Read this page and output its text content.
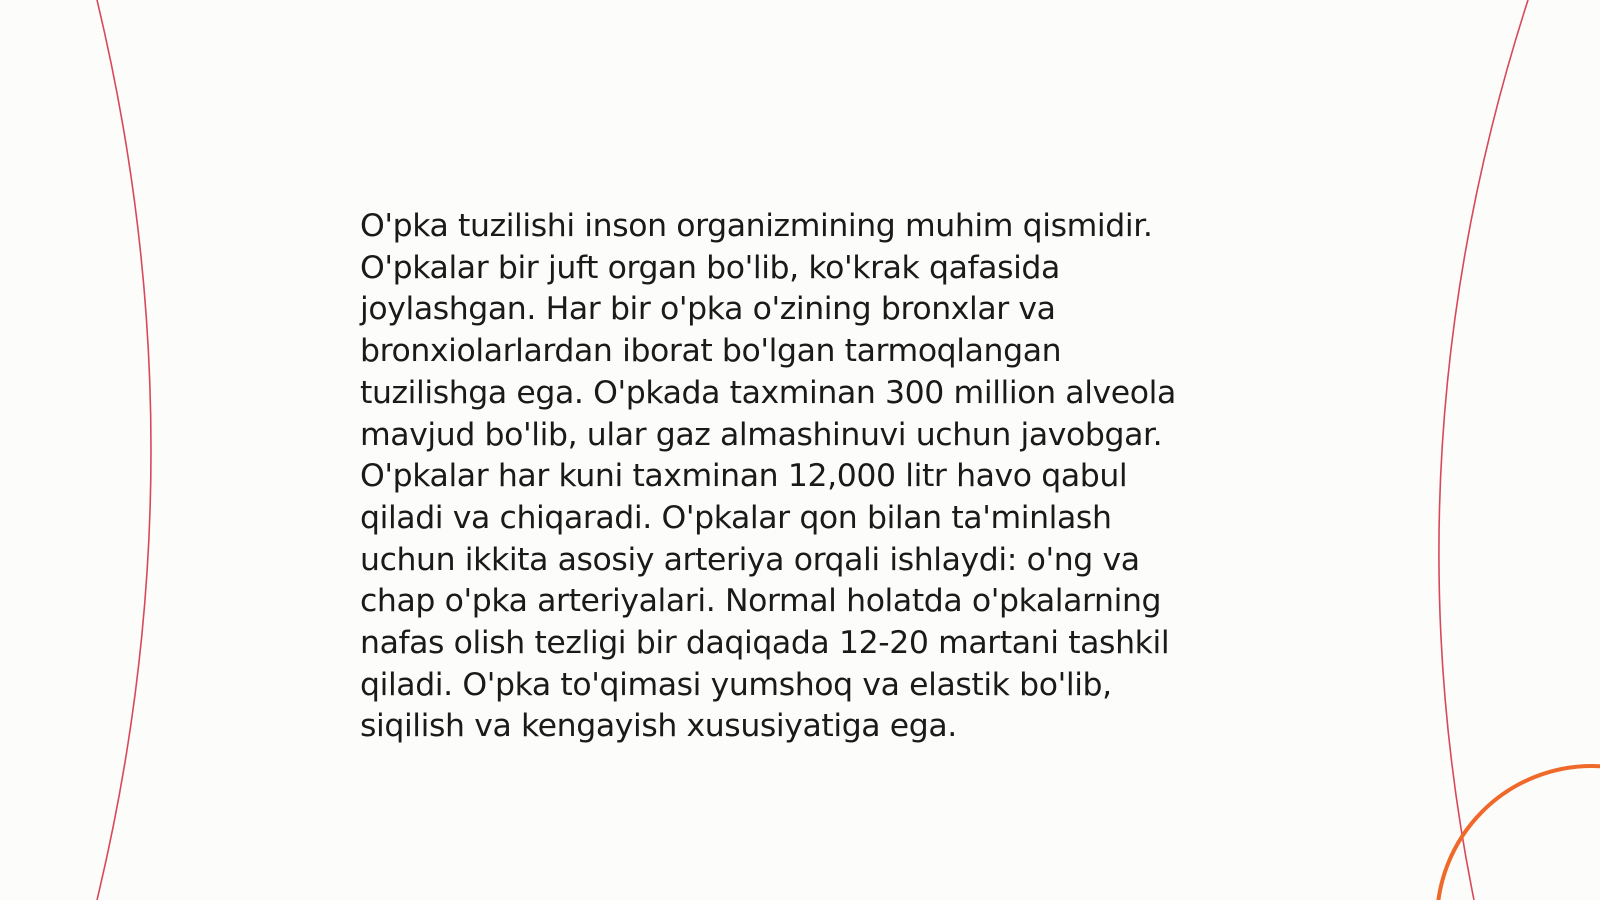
O'pka tuzilishi inson organizmining muhim qismidir.
O'pkalar bir juft organ bo'lib, ko'krak qafasida
joylashgan. Har bir o'pka o'zining bronxlar va
bronxiolarlardan iborat bo'lgan tarmoqlangan
tuzilishga ega. O'pkada taxminan 300 million alveola
mavjud bo'lib, ular gaz almashinuvi uchun javobgar.
O'pkalar har kuni taxminan 12,000 litr havo qabul
qiladi va chiqaradi. O'pkalar qon bilan ta'minlash
uchun ikkita asosiy arteriya orqali ishlaydi: o'ng va
chap o'pka arteriyalari. Normal holatda o'pkalarning
nafas olish tezligi bir daqiqada 12-20 martani tashkil
qiladi. O'pka to'qimasi yumshoq va elastik bo'lib,
siqilish va kengayish xususiyatiga ega.
